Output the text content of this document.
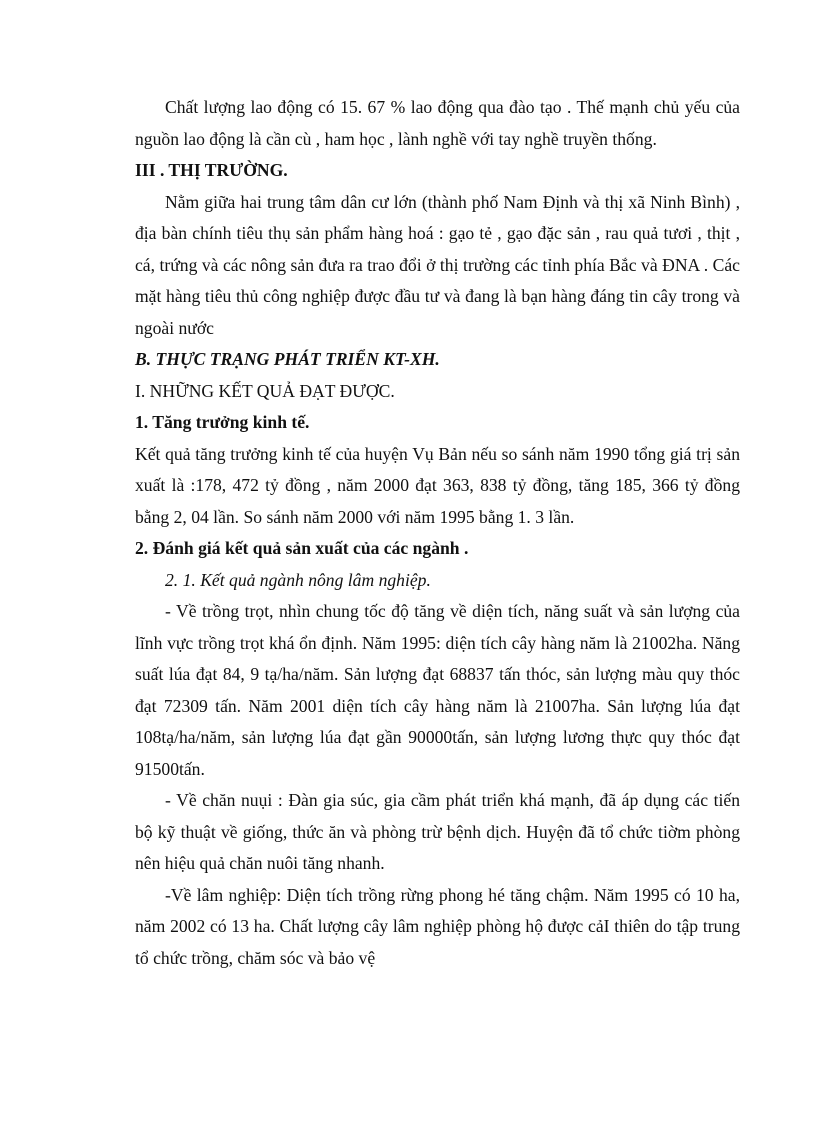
Chất lượng lao động có 15. 67 % lao động qua đào tạo . Thế mạnh chủ yếu của nguồn lao động là cần cù , ham học , lành nghề với tay nghề truyền thống.

III . THỊ TRƯỜNG.

Nằm giữa hai trung tâm dân cư lớn (thành phố Nam Định và thị xã Ninh Bình) , địa bàn chính tiêu thụ sản phẩm hàng hoá : gạo tẻ , gạo đặc sản , rau quả tươi , thịt , cá, trứng và các nông sản đưa ra trao đổi ở thị trường các tỉnh phía Bắc và ĐNA . Các mặt hàng tiêu thủ công nghiệp được đầu tư và đang là bạn hàng đáng tin cây trong và ngoài nước

B. THỰC TRẠNG PHÁT TRIỂN KT-XH.

I. NHỮNG KẾT QUẢ ĐẠT ĐƯỢC.

1. Tăng trưởng kinh tế.

Kết quả tăng trưởng kinh tế của huyện Vụ Bản nếu so sánh năm 1990 tổng giá trị sản xuất là :178, 472 tỷ đồng , năm 2000 đạt 363, 838 tỷ đồng, tăng 185, 366 tỷ đồng bằng 2, 04 lần. So sánh năm 2000 với năm 1995 bằng 1. 3 lần.

2. Đánh giá kết quả sản xuất của các ngành .

2. 1. Kết quả ngành nông lâm nghiệp.

- Về trồng trọt, nhìn chung tốc độ tăng về diện tích, năng suất và sản lượng của lĩnh vực trồng trọt khá ổn định. Năm 1995: diện tích cây hàng năm là 21002ha. Năng suất lúa đạt 84, 9 tạ/ha/năm. Sản lượng đạt 68837 tấn thóc, sản lượng màu quy thóc đạt 72309 tấn. Năm 2001 diện tích cây hàng năm là 21007ha. Sản lượng lúa đạt 108tạ/ha/năm, sản lượng lúa đạt gần 90000tấn, sản lượng lương thực quy thóc đạt 91500tấn.

- Về chăn nuụi : Đàn gia súc, gia cầm phát triển khá mạnh, đã áp dụng các tiến bộ kỹ thuật về giống, thức ăn và phòng trừ bệnh dịch. Huyện đã tổ chức tiờm phòng nên hiệu quả chăn nuôi tăng nhanh.

-Về lâm nghiệp: Diện tích trồng rừng phong hé tăng chậm. Năm 1995 có 10 ha, năm 2002 có 13 ha. Chất lượng cây lâm nghiệp phòng hộ được cảI thiên do tập trung tổ chức trồng, chăm sóc và bảo vệ
